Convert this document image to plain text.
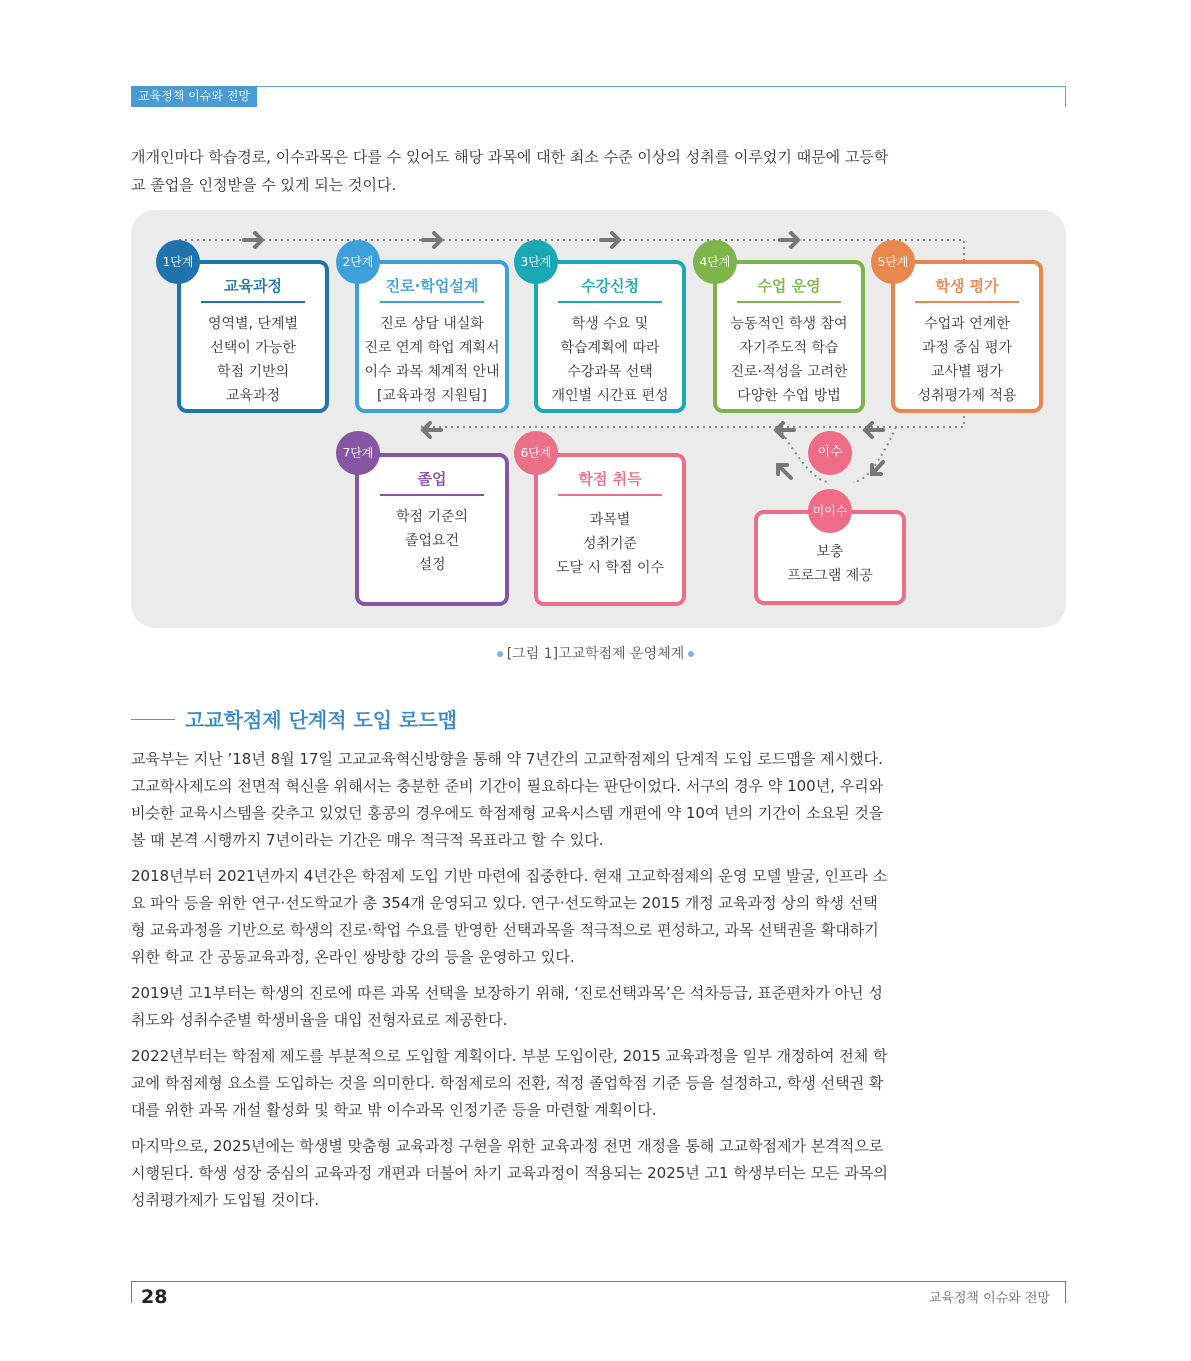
교육정책 이슈와 전망
개개인마다 학습경로, 이수과목은 다를 수 있어도 해당 과목에 대한 최소 수준 이상의 성취를 이루었기 때문에 고등학교 졸업을 인정받을 수 있게 되는 것이다.
교육과정
영역별, 단계별
선택이 가능한
학점 기반의
교육과정
1단계
진로·학업설계
진로 상담 내실화
진로 연계 학업 계획서
이수 과목 체계적 안내
[교육과정 지원팀]
2단계
수강신청
학생 수요 및
학습계획에 따라
수강과목 선택
개인별 시간표 편성
3단계
수업 운영
능동적인 학생 참여
자기주도적 학습
진로·적성을 고려한
다양한 수업 방법
4단계
학생 평가
수업과 연계한
과정 중심 평가
교사별 평가
성취평가제 적용
5단계
졸업
학점 기준의
졸업요건
설정
7단계
학점 취득
과목별
성취기준
도달 시 학점 이수
6단계
보충
프로그램 제공
이수
미이수
[그림 1]고교학점제 운영체계
고교학점제 단계적 도입 로드맵

교육부는 지난 ’18년 8월 17일 고교교육혁신방향을 통해 약 7년간의 고교학점제의 단계적 도입 로드맵을 제시했다. 고교학사제도의 전면적 혁신을 위해서는 충분한 준비 기간이 필요하다는 판단이었다. 서구의 경우 약 100년, 우리와 비슷한 교육시스템을 갖추고 있었던 홍콩의 경우에도 학점제형 교육시스템 개편에 약 10여 년의 기간이 소요된 것을 볼 때 본격 시행까지 7년이라는 기간은 매우 적극적 목표라고 할 수 있다.

2018년부터 2021년까지 4년간은 학점제 도입 기반 마련에 집중한다. 현재 고교학점제의 운영 모델 발굴, 인프라 소요 파악 등을 위한 연구·선도학교가 총 354개 운영되고 있다. 연구·선도학교는 2015 개정 교육과정 상의 학생 선택형 교육과정을 기반으로 학생의 진로·학업 수요를 반영한 선택과목을 적극적으로 편성하고, 과목 선택권을 확대하기 위한 학교 간 공동교육과정, 온라인 쌍방향 강의 등을 운영하고 있다.

2019년 고1부터는 학생의 진로에 따른 과목 선택을 보장하기 위해, ‘진로선택과목’은 석차등급, 표준편차가 아닌 성취도와 성취수준별 학생비율을 대입 전형자료로 제공한다.

2022년부터는 학점제 제도를 부분적으로 도입할 계획이다. 부분 도입이란, 2015 교육과정을 일부 개정하여 전체 학교에 학점제형 요소를 도입하는 것을 의미한다. 학점제로의 전환, 적정 졸업학점 기준 등을 설정하고, 학생 선택권 확대를 위한 과목 개설 활성화 및 학교 밖 이수과목 인정기준 등을 마련할 계획이다.

마지막으로, 2025년에는 학생별 맞춤형 교육과정 구현을 위한 교육과정 전면 개정을 통해 고교학점제가 본격적으로 시행된다. 학생 성장 중심의 교육과정 개편과 더불어 차기 교육과정이 적용되는 2025년 고1 학생부터는 모든 과목의 성취평가제가 도입될 것이다.

28	교육정책 이슈와 전망
